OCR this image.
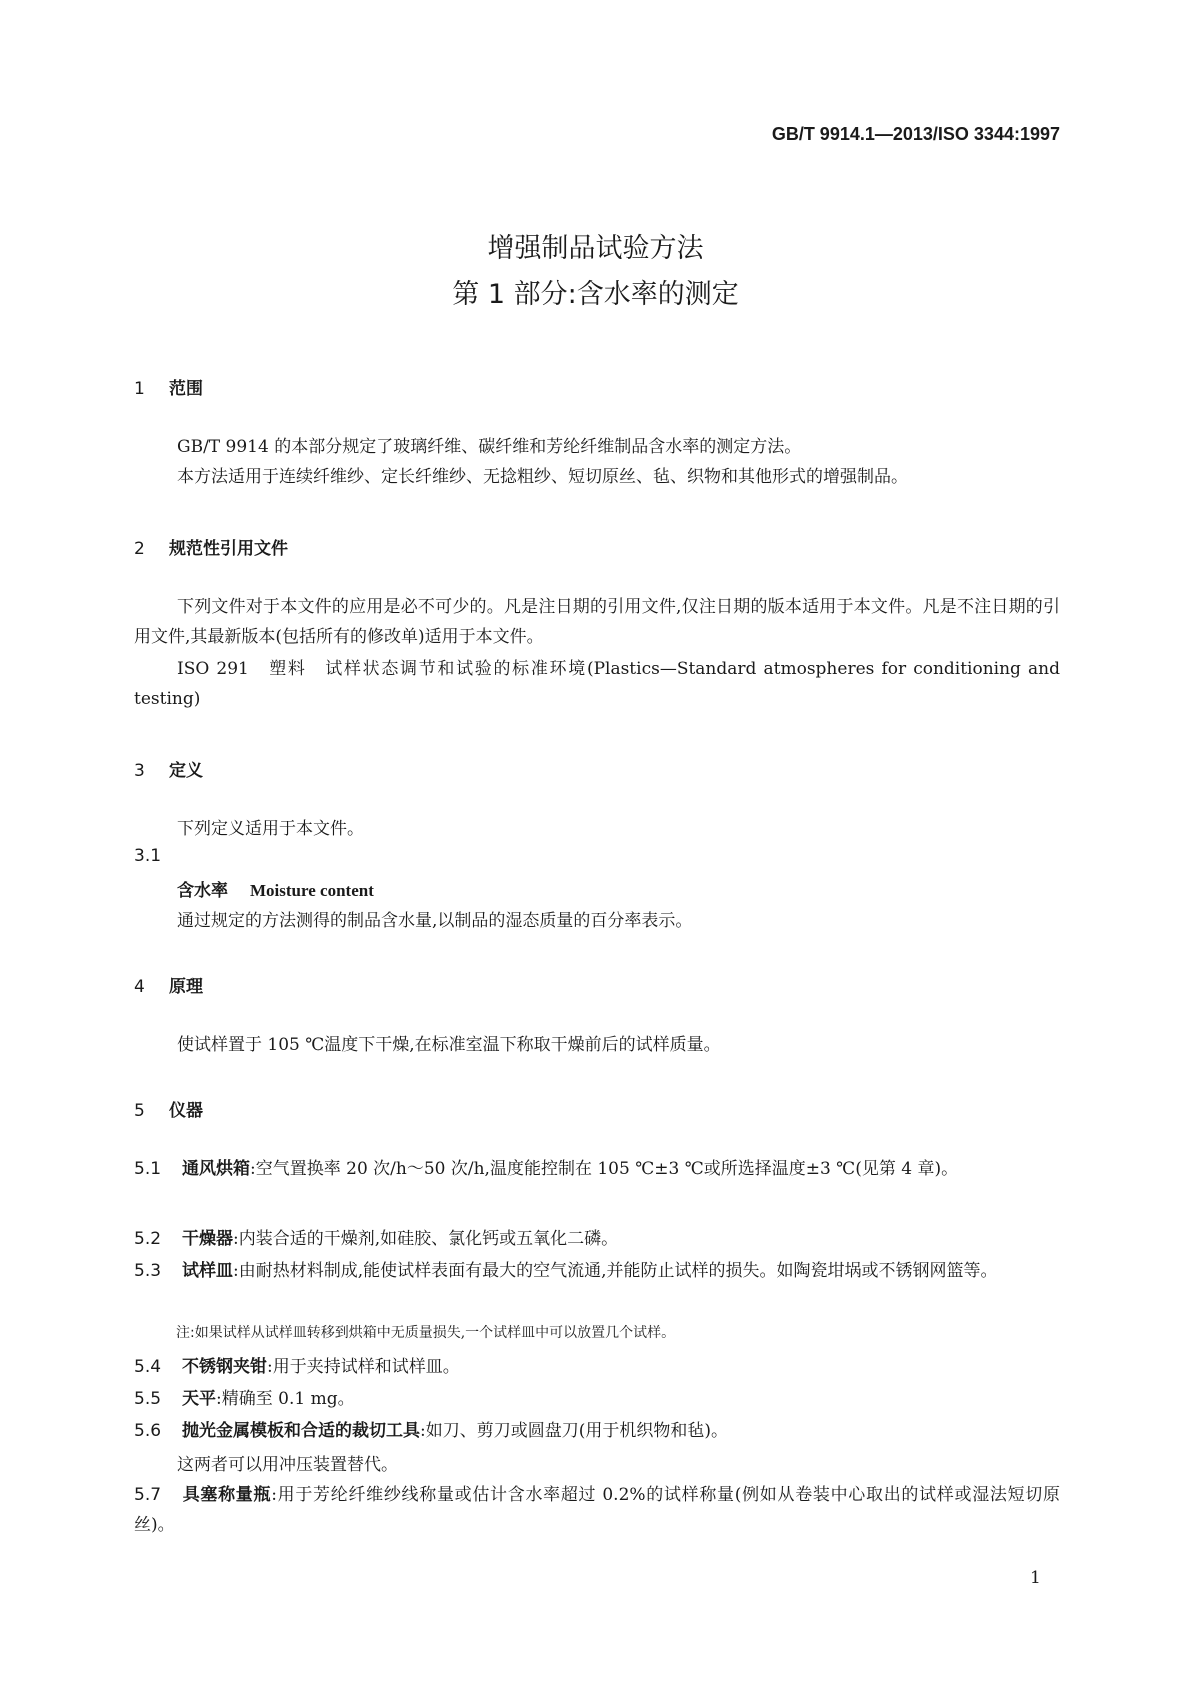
GB/T 9914.1—2013/ISO 3344:1997
增强制品试验方法
第 1 部分:含水率的测定
1 范围
GB/T 9914 的本部分规定了玻璃纤维、碳纤维和芳纶纤维制品含水率的测定方法。
本方法适用于连续纤维纱、定长纤维纱、无捻粗纱、短切原丝、毡、织物和其他形式的增强制品。
2 规范性引用文件
下列文件对于本文件的应用是必不可少的。凡是注日期的引用文件,仅注日期的版本适用于本文件。凡是不注日期的引用文件,其最新版本(包括所有的修改单)适用于本文件。
ISO 291　塑料　试样状态调节和试验的标准环境(Plastics—Standard atmospheres for conditioning and testing)
3 定义
下列定义适用于本文件。
3.1
含水率 Moisture content
通过规定的方法测得的制品含水量,以制品的湿态质量的百分率表示。
4 原理
使试样置于 105 ℃温度下干燥,在标准室温下称取干燥前后的试样质量。
5 仪器
5.1 通风烘箱:空气置换率 20 次/h～50 次/h,温度能控制在 105 ℃±3 ℃或所选择温度±3 ℃(见第 4 章)。
5.2 干燥器:内装合适的干燥剂,如硅胶、氯化钙或五氧化二磷。
5.3 试样皿:由耐热材料制成,能使试样表面有最大的空气流通,并能防止试样的损失。如陶瓷坩埚或不锈钢网篮等。
注:如果试样从试样皿转移到烘箱中无质量损失,一个试样皿中可以放置几个试样。
5.4 不锈钢夹钳:用于夹持试样和试样皿。
5.5 天平:精确至 0.1 mg。
5.6 抛光金属模板和合适的裁切工具:如刀、剪刀或圆盘刀(用于机织物和毡)。
这两者可以用冲压装置替代。
5.7 具塞称量瓶:用于芳纶纤维纱线称量或估计含水率超过 0.2%的试样称量(例如从卷装中心取出的试样或湿法短切原丝)。
1
